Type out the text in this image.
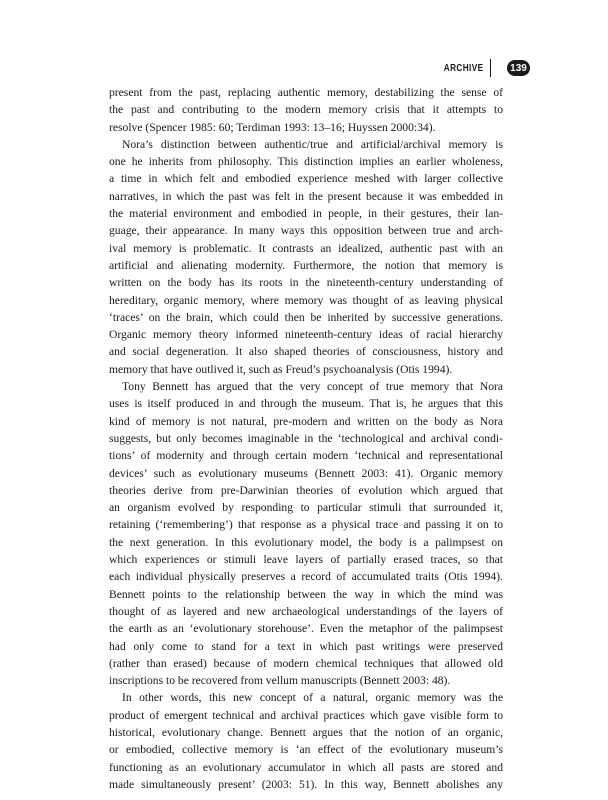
ARCHIVE	139
present from the past, replacing authentic memory, destabilizing the sense of
the past and contributing to the modern memory crisis that it attempts to
resolve (Spencer 1985: 60; Terdiman 1993: 13–16; Huyssen 2000:34).
Nora’s distinction between authentic/true and artificial/archival memory is
one he inherits from philosophy. This distinction implies an earlier wholeness,
a time in which felt and embodied experience meshed with larger collective
narratives, in which the past was felt in the present because it was embedded in
the material environment and embodied in people, in their gestures, their lan-
guage, their appearance. In many ways this opposition between true and arch-
ival memory is problematic. It contrasts an idealized, authentic past with an
artificial and alienating modernity. Furthermore, the notion that memory is
written on the body has its roots in the nineteenth-century understanding of
hereditary, organic memory, where memory was thought of as leaving physical
‘traces’ on the brain, which could then be inherited by successive generations.
Organic memory theory informed nineteenth-century ideas of racial hierarchy
and social degeneration. It also shaped theories of consciousness, history and
memory that have outlived it, such as Freud’s psychoanalysis (Otis 1994).
Tony Bennett has argued that the very concept of true memory that Nora
uses is itself produced in and through the museum. That is, he argues that this
kind of memory is not natural, pre-modern and written on the body as Nora
suggests, but only becomes imaginable in the ‘technological and archival condi-
tions’ of modernity and through certain modern ‘technical and representational
devices’ such as evolutionary museums (Bennett 2003: 41). Organic memory
theories derive from pre-Darwinian theories of evolution which argued that
an organism evolved by responding to particular stimuli that surrounded it,
retaining (‘remembering’) that response as a physical trace and passing it on to
the next generation. In this evolutionary model, the body is a palimpsest on
which experiences or stimuli leave layers of partially erased traces, so that
each individual physically preserves a record of accumulated traits (Otis 1994).
Bennett points to the relationship between the way in which the mind was
thought of as layered and new archaeological understandings of the layers of
the earth as an ‘evolutionary storehouse’. Even the metaphor of the palimpsest
had only come to stand for a text in which past writings were preserved
(rather than erased) because of modern chemical techniques that allowed old
inscriptions to be recovered from vellum manuscripts (Bennett 2003: 48).
In other words, this new concept of a natural, organic memory was the
product of emergent technical and archival practices which gave visible form to
historical, evolutionary change. Bennett argues that the notion of an organic,
or embodied, collective memory is ‘an effect of the evolutionary museum’s
functioning as an evolutionary accumulator in which all pasts are stored and
made simultaneously present’ (2003: 51). In this way, Bennett abolishes any
